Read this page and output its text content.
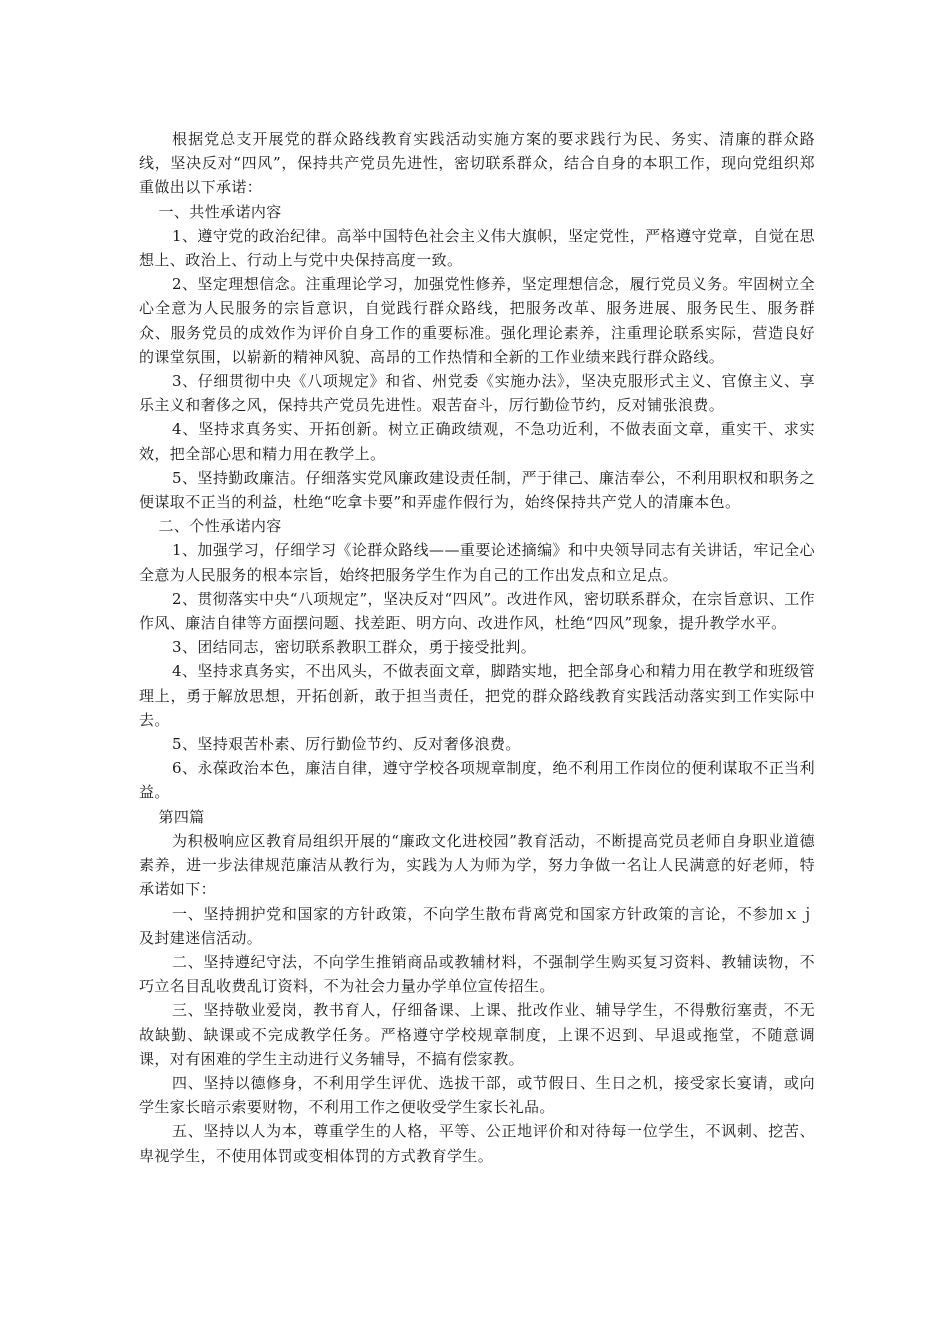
根据党总支开展党的群众路线教育实践活动实施方案的要求践行为民、务实、清廉的群众路线，坚决反对“四风”，保持共产党员先进性，密切联系群众，结合自身的本职工作，现向党组织郑重做出以下承诺：

一、共性承诺内容

1、遵守党的政治纪律。高举中国特色社会主义伟大旗帜，坚定党性，严格遵守党章，自觉在思想上、政治上、行动上与党中央保持高度一致。

2、坚定理想信念。注重理论学习，加强党性修养，坚定理想信念，履行党员义务。牢固树立全心全意为人民服务的宗旨意识，自觉践行群众路线，把服务改革、服务进展、服务民生、服务群众、服务党员的成效作为评价自身工作的重要标准。强化理论素养，注重理论联系实际，营造良好的课堂氛围，以崭新的精神风貌、高昂的工作热情和全新的工作业绩来践行群众路线。

3、仔细贯彻中央《八项规定》和省、州党委《实施办法》，坚决克服形式主义、官僚主义、享乐主义和奢侈之风，保持共产党员先进性。艰苦奋斗，厉行勤俭节约，反对铺张浪费。

4、坚持求真务实、开拓创新。树立正确政绩观，不急功近利，不做表面文章，重实干、求实效，把全部心思和精力用在教学上。

5、坚持勤政廉洁。仔细落实党风廉政建设责任制，严于律己、廉洁奉公，不利用职权和职务之便谋取不正当的利益，杜绝“吃拿卡要”和弄虚作假行为，始终保持共产党人的清廉本色。

二、个性承诺内容

1、加强学习，仔细学习《论群众路线——重要论述摘编》和中央领导同志有关讲话，牢记全心全意为人民服务的根本宗旨，始终把服务学生作为自己的工作出发点和立足点。

2、贯彻落实中央“八项规定”，坚决反对“四风”。改进作风，密切联系群众，在宗旨意识、工作作风、廉洁自律等方面摆问题、找差距、明方向、改进作风，杜绝“四风”现象，提升教学水平。

3、团结同志，密切联系教职工群众，勇于接受批判。

4、坚持求真务实，不出风头，不做表面文章，脚踏实地，把全部身心和精力用在教学和班级管理上，勇于解放思想，开拓创新，敢于担当责任，把党的群众路线教育实践活动落实到工作实际中去。

5、坚持艰苦朴素、厉行勤俭节约、反对奢侈浪费。

6、永葆政治本色，廉洁自律，遵守学校各项规章制度，绝不利用工作岗位的便利谋取不正当利益。

第四篇

为积极响应区教育局组织开展的“廉政文化进校园”教育活动，不断提高党员老师自身职业道德素养，进一步法律规范廉洁从教行为，实践为人为师为学，努力争做一名让人民满意的好老师，特承诺如下：

一、坚持拥护党和国家的方针政策，不向学生散布背离党和国家方针政策的言论，不参加ｘｊ及封建迷信活动。

二、坚持遵纪守法，不向学生推销商品或教辅材料，不强制学生购买复习资料、教辅读物，不巧立名目乱收费乱订资料，不为社会力量办学单位宣传招生。

三、坚持敬业爱岗，教书育人，仔细备课、上课、批改作业、辅导学生，不得敷衍塞责，不无故缺勤、缺课或不完成教学任务。严格遵守学校规章制度，上课不迟到、早退或拖堂，不随意调课，对有困难的学生主动进行义务辅导，不搞有偿家教。

四、坚持以德修身，不利用学生评优、选拔干部，或节假日、生日之机，接受家长宴请，或向学生家长暗示索要财物，不利用工作之便收受学生家长礼品。

五、坚持以人为本，尊重学生的人格，平等、公正地评价和对待每一位学生，不讽刺、挖苦、卑视学生，不使用体罚或变相体罚的方式教育学生。
